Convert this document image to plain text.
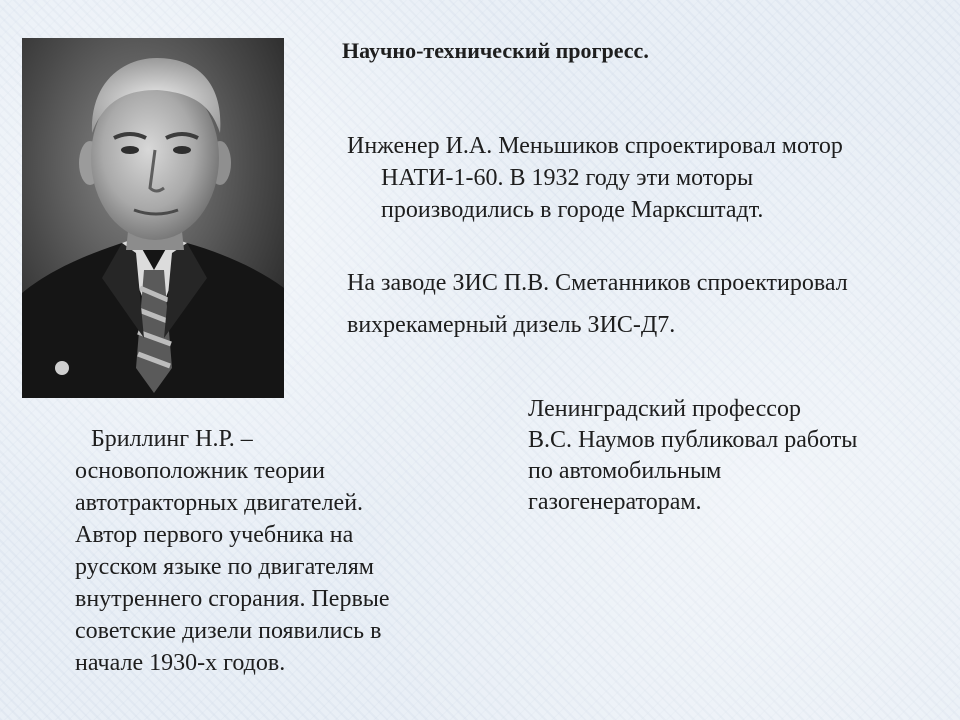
Научно-технический прогресс.
Инженер И.А. Меньшиков спроектировал мотор
НАТИ-1-60. В 1932 году эти моторы
производились в городе Марксштадт.
На заводе ЗИС П.В. Сметанников спроектировал
вихрекамерный дизель ЗИС-Д7.
Ленинградский профессор
В.С. Наумов публиковал работы
по автомобильным
газогенераторам.
Бриллинг Н.Р. –
основоположник теории
автотракторных двигателей.
Автор первого учебника на
русском языке по двигателям
внутреннего сгорания. Первые
советские дизели появились в
начале 1930-х годов.
